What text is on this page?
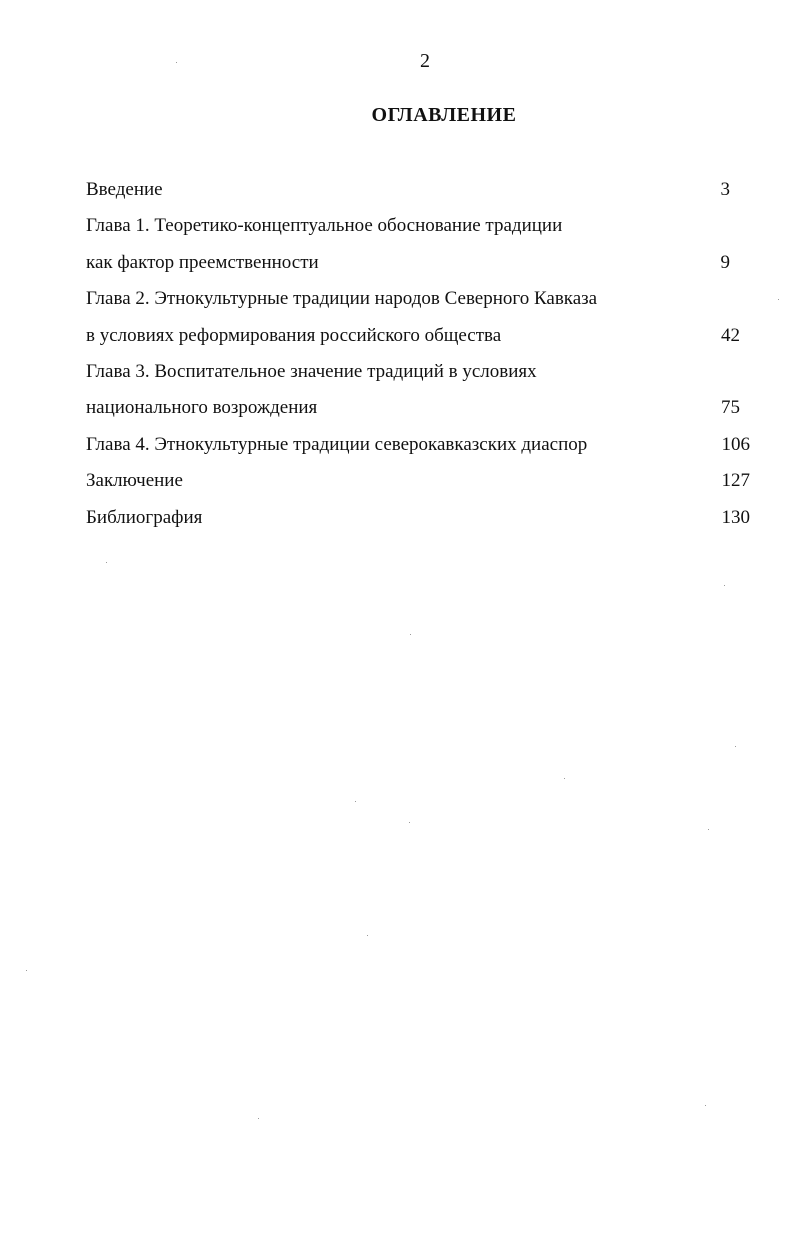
2
ОГЛАВЛЕНИЕ
Введение	3
Глава 1. Теоретико-концептуальное обоснование традиции
как фактор преемственности	9
Глава 2. Этнокультурные традиции народов Северного Кавказа
в условиях реформирования российского общества	42
Глава 3. Воспитательное значение традиций в условиях
национального возрождения	75
Глава 4. Этнокультурные традиции северокавказских диаспор	106
Заключение	127
Библиография	130
